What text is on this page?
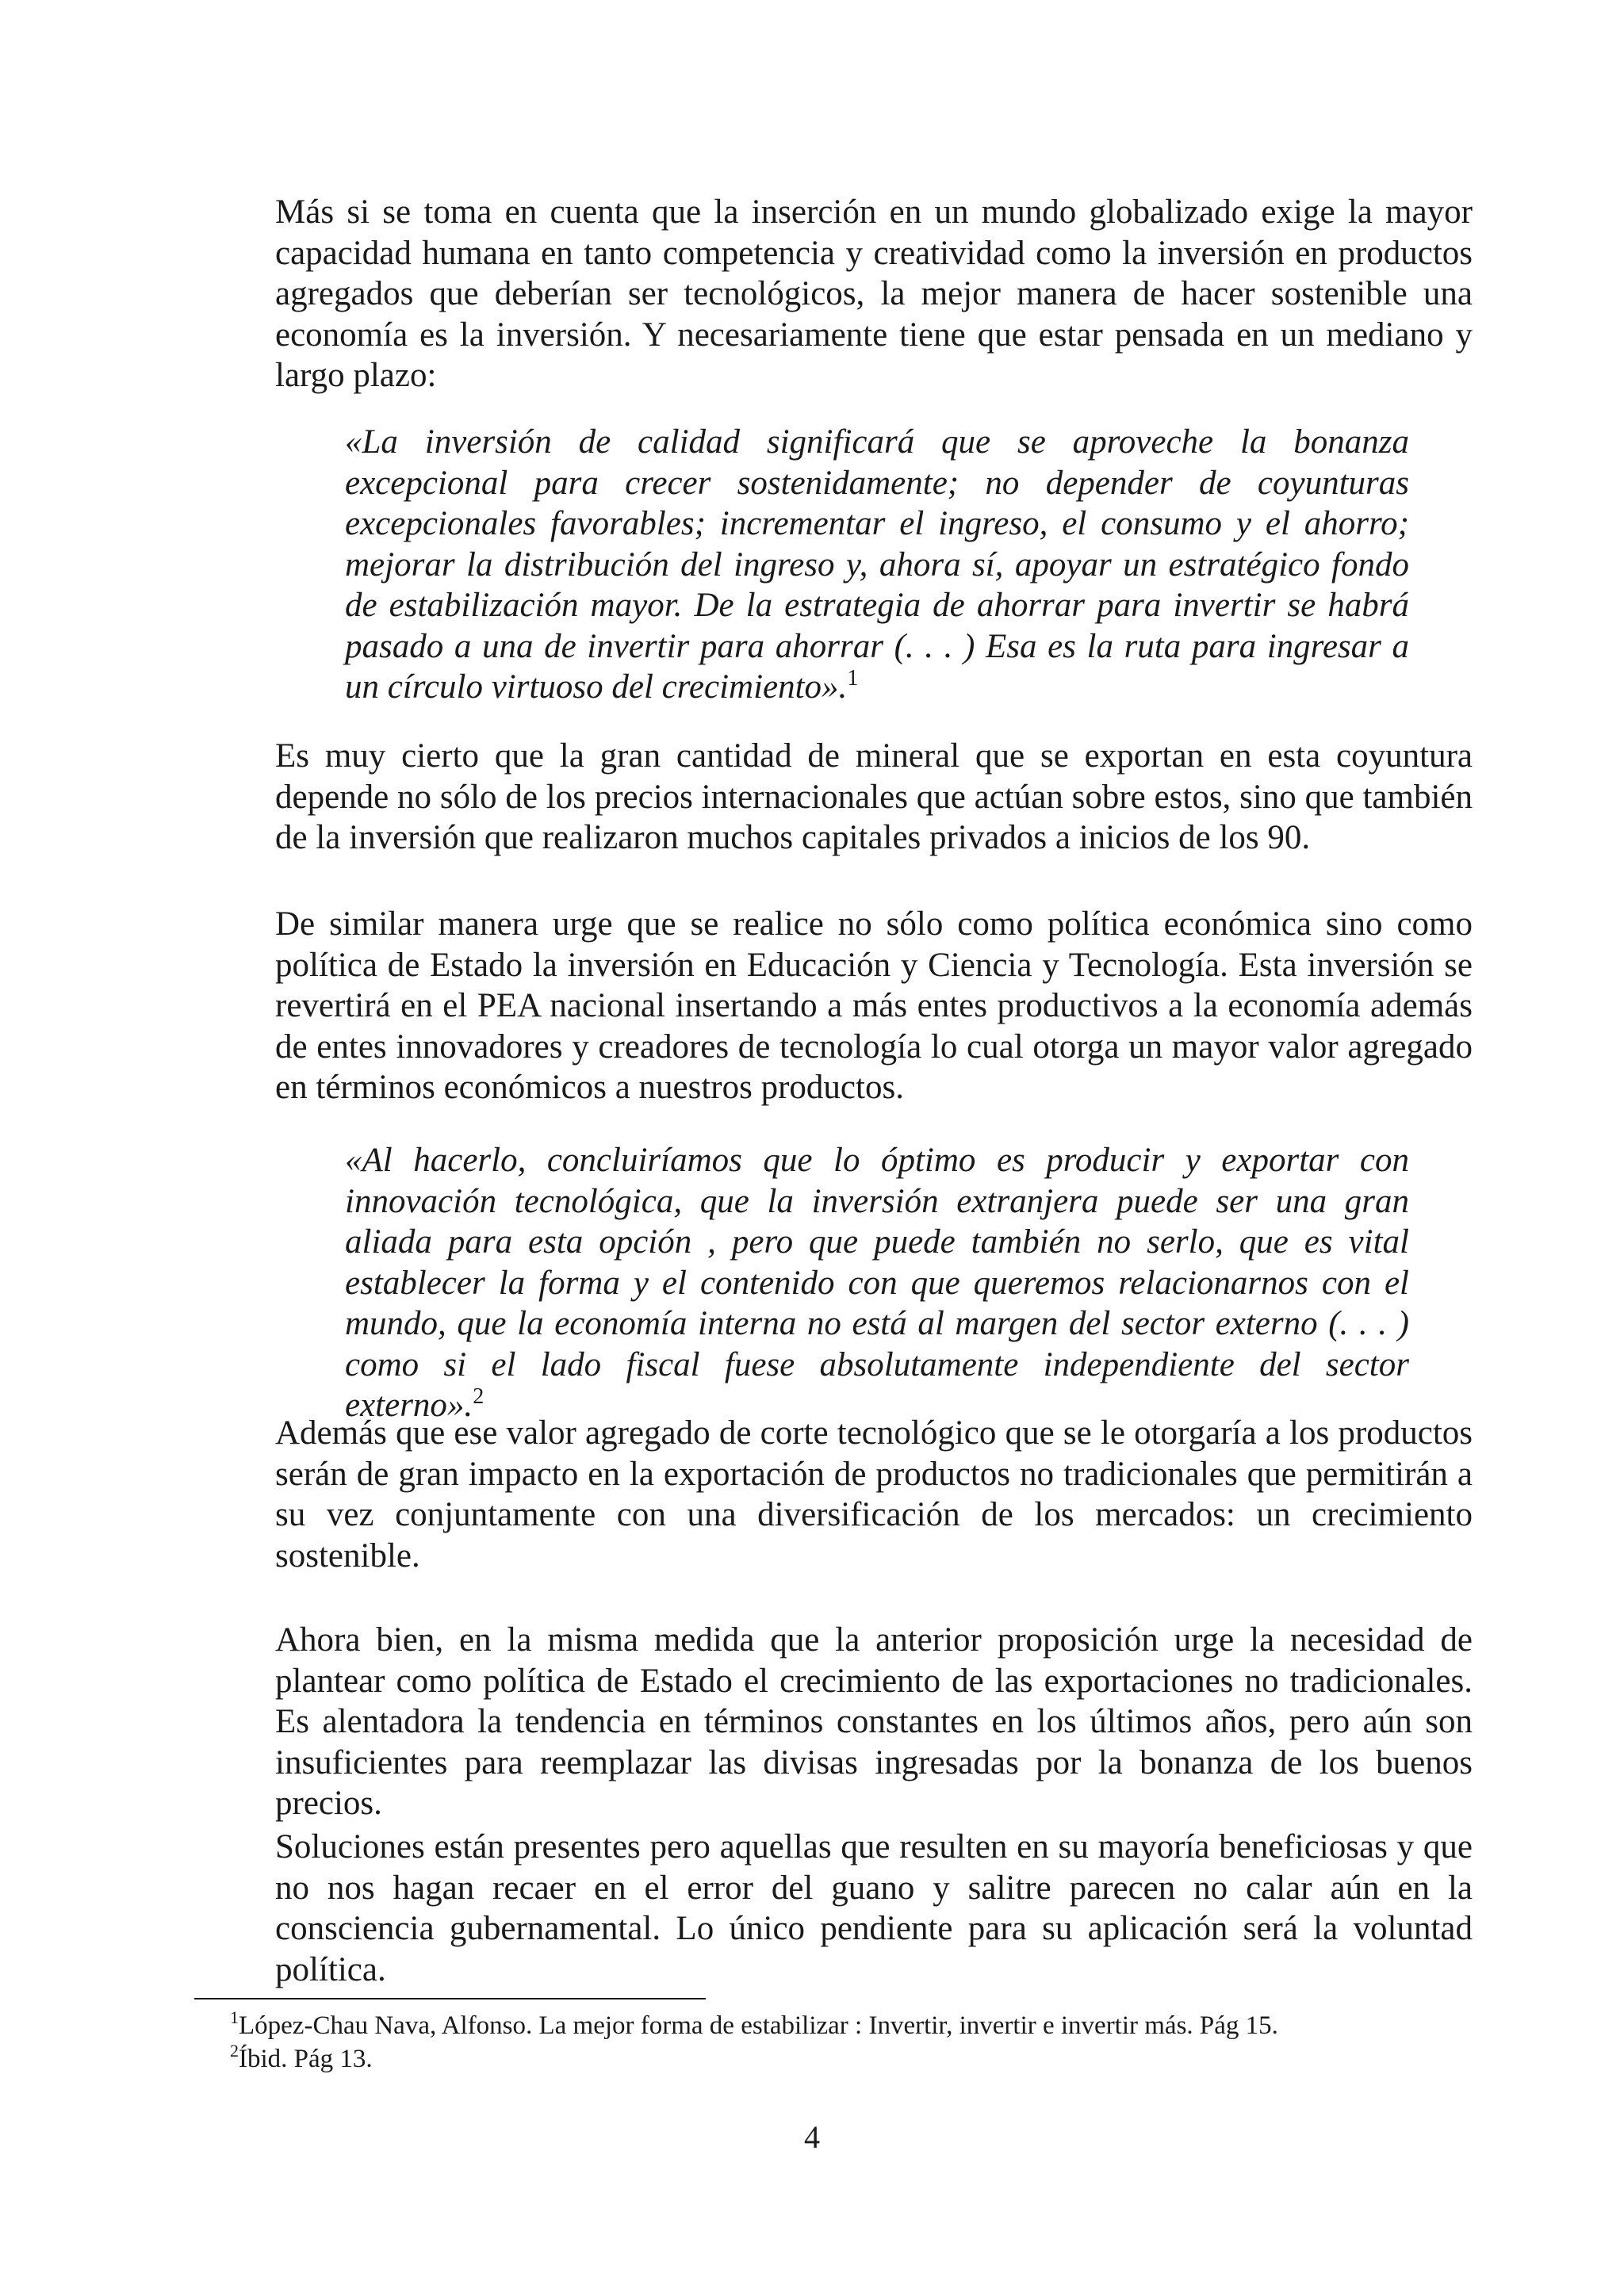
Más si se toma en cuenta que la inserción en un mundo globalizado exige la mayor capacidad humana en tanto competencia y creatividad como la inversión en productos agregados que deberían ser tecnológicos, la mejor manera de hacer sostenible una economía es la inversión. Y necesariamente tiene que estar pensada en un mediano y largo plazo:

«La inversión de calidad significará que se aproveche la bonanza excepcional para crecer sostenidamente; no depender de coyunturas excepcionales favorables; incrementar el ingreso, el consumo y el ahorro; mejorar la distribución del ingreso y, ahora sí, apoyar un estratégico fondo de estabilización mayor. De la estrategia de ahorrar para invertir se habrá pasado a una de invertir para ahorrar (. . . ) Esa es la ruta para ingresar a un círculo virtuoso del crecimiento».$^1$

Es muy cierto que la gran cantidad de mineral que se exportan en esta coyuntura depende no sólo de los precios internacionales que actúan sobre estos, sino que también de la inversión que realizaron muchos capitales privados a inicios de los 90.

De similar manera urge que se realice no sólo como política económica sino como política de Estado la inversión en Educación y Ciencia y Tecnología. Esta inversión se revertirá en el PEA nacional insertando a más entes productivos a la economía además de entes innovadores y creadores de tecnología lo cual otorga un mayor valor agregado en términos económicos a nuestros productos.

«Al hacerlo, concluiríamos que lo óptimo es producir y exportar con innovación tecnológica, que la inversión extranjera puede ser una gran aliada para esta opción , pero que puede también no serlo, que es vital establecer la forma y el contenido con que queremos relacionarnos con el mundo, que la economía interna no está al margen del sector externo (. . . ) como si el lado fiscal fuese absolutamente independiente del sector externo».$^2$

Además que ese valor agregado de corte tecnológico que se le otorgaría a los productos serán de gran impacto en la exportación de productos no tradicionales que permitirán a su vez conjuntamente con una diversificación de los mercados: un crecimiento sostenible.

Ahora bien, en la misma medida que la anterior proposición urge la necesidad de plantear como política de Estado el crecimiento de las exportaciones no tradicionales. Es alentadora la tendencia en términos constantes en los últimos años, pero aún son insuficientes para reemplazar las divisas ingresadas por la bonanza de los buenos precios.

Soluciones están presentes pero aquellas que resulten en su mayoría beneficiosas y que no nos hagan recaer en el error del guano y salitre parecen no calar aún en la consciencia gubernamental. Lo único pendiente para su aplicación será la voluntad política.

$^1$López-Chau Nava, Alfonso. La mejor forma de estabilizar : Invertir, invertir e invertir más. Pág 15.

$^2$Íbid. Pág 13.

4
